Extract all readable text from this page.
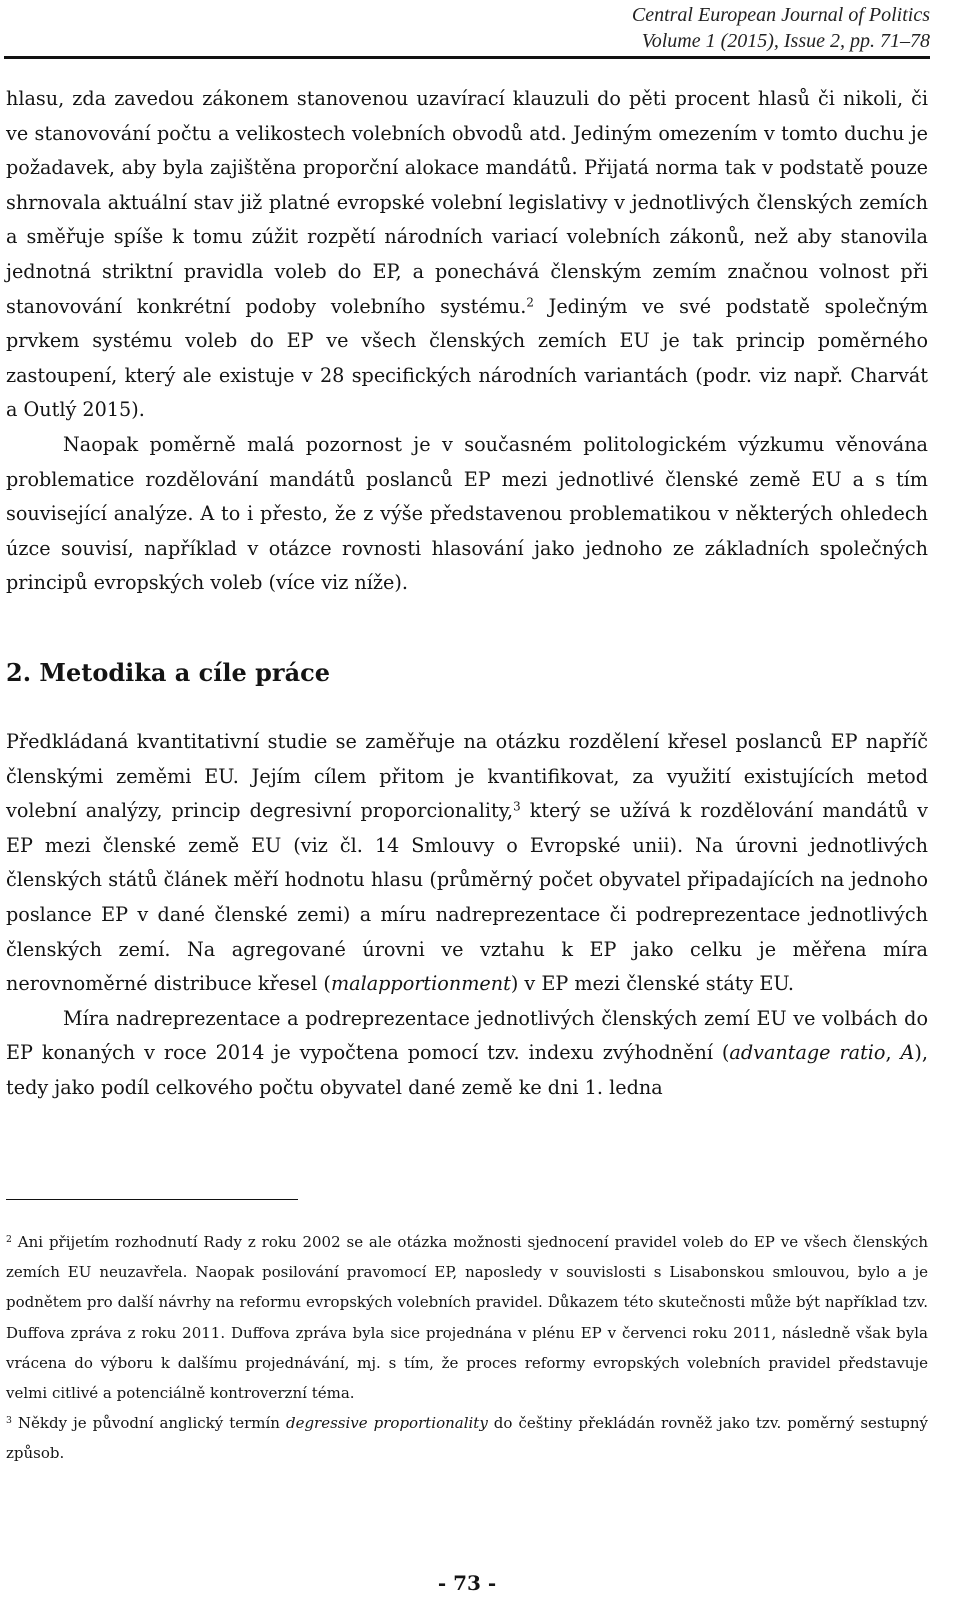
Central European Journal of Politics
Volume 1 (2015), Issue 2, pp. 71–78

hlasu, zda zavedou zákonem stanovenou uzavírací klauzuli do pěti procent hlasů či nikoli, či ve stanovování počtu a velikostech volebních obvodů atd. Jediným omezením v tomto duchu je požadavek, aby byla zajištěna proporční alokace mandátů. Přijatá norma tak v podstatě pouze shrnovala aktuální stav již platné evropské volební legislativy v jednotlivých členských zemích a směřuje spíše k tomu zúžit rozpětí národních variací volebních zákonů, než aby stanovila jednotná striktní pravidla voleb do EP, a ponechává členským zemím značnou volnost při stanovování konkrétní podoby volebního systému.$^2$ Jediným ve své podstatě společným prvkem systému voleb do EP ve všech členských zemích EU je tak princip poměrného zastoupení, který ale existuje v 28 specifických národních variantách (podr. viz např. Charvát a Outlý 2015).

Naopak poměrně malá pozornost je v současném politologickém výzkumu věnována problematice rozdělování mandátů poslanců EP mezi jednotlivé členské země EU a s tím související analýze. A to i přesto, že z výše představenou problematikou v některých ohledech úzce souvisí, například v otázce rovnosti hlasování jako jednoho ze základních společných principů evropských voleb (více viz níže).

2. Metodika a cíle práce

Předkládaná kvantitativní studie se zaměřuje na otázku rozdělení křesel poslanců EP napříč členskými zeměmi EU. Jejím cílem přitom je kvantifikovat, za využití existujících metod volební analýzy, princip degresivní proporcionality,$^3$ který se užívá k rozdělování mandátů v EP mezi členské země EU (viz čl. 14 Smlouvy o Evropské unii). Na úrovni jednotlivých členských států článek měří hodnotu hlasu (průměrný počet obyvatel připadajících na jednoho poslance EP v dané členské zemi) a míru nadreprezentace či podreprezentace jednotlivých členských zemí. Na agregované úrovni ve vztahu k EP jako celku je měřena míra nerovnoměrné distribuce křesel (malapportionment) v EP mezi členské státy EU.

Míra nadreprezentace a podreprezentace jednotlivých členských zemí EU ve volbách do EP konaných v roce 2014 je vypočtena pomocí tzv. indexu zvýhodnění (advantage ratio, A), tedy jako podíl celkového počtu obyvatel dané země ke dni 1. ledna

$^2$ Ani přijetím rozhodnutí Rady z roku 2002 se ale otázka možnosti sjednocení pravidel voleb do EP ve všech členských zemích EU neuzavřela. Naopak posilování pravomocí EP, naposledy v souvislosti s Lisabonskou smlouvou, bylo a je podnětem pro další návrhy na reformu evropských volebních pravidel. Důkazem této skutečnosti může být například tzv. Duffova zpráva z roku 2011. Duffova zpráva byla sice projednána v plénu EP v červenci roku 2011, následně však byla vrácena do výboru k dalšímu projednávání, mj. s tím, že proces reformy evropských volebních pravidel představuje velmi citlivé a potenciálně kontroverzní téma.

$^3$ Někdy je původní anglický termín degressive proportionality do češtiny překládán rovněž jako tzv. poměrný sestupný způsob.

- 73 -
